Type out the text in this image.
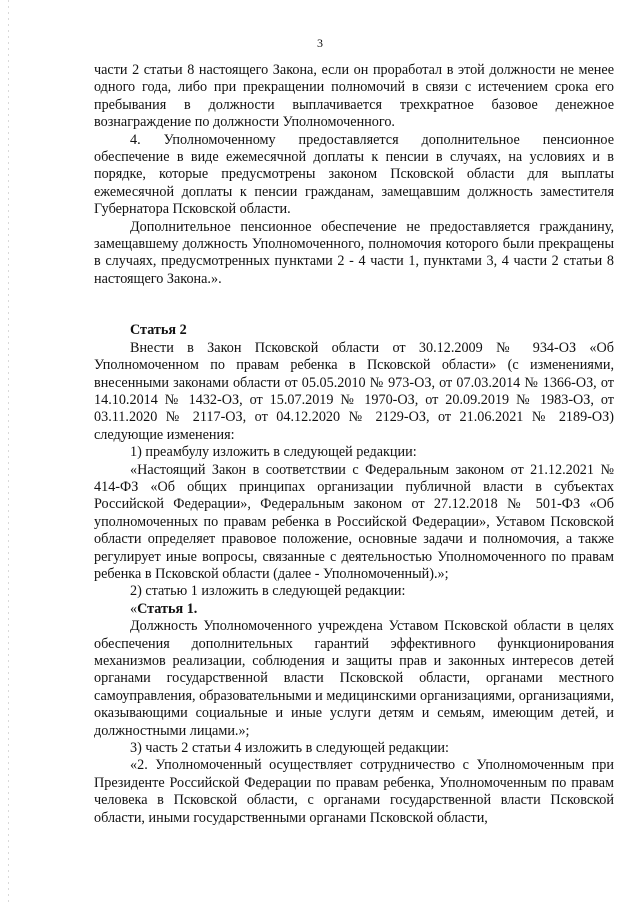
3

части 2 статьи 8 настоящего Закона, если он проработал в этой должности не менее одного года, либо при прекращении полномочий в связи с истечением срока его пребывания в должности выплачивается трехкратное базовое денежное вознаграждение по должности Уполномоченного.

4. Уполномоченному предоставляется дополнительное пенсионное обеспечение в виде ежемесячной доплаты к пенсии в случаях, на условиях и в порядке, которые предусмотрены законом Псковской области для выплаты ежемесячной доплаты к пенсии гражданам, замещавшим должность заместителя Губернатора Псковской области.

Дополнительное пенсионное обеспечение не предоставляется гражданину, замещавшему должность Уполномоченного, полномочия которого были прекращены в случаях, предусмотренных пунктами 2 - 4 части 1, пунктами 3, 4 части 2 статьи 8 настоящего Закона.».

Статья 2

Внести в Закон Псковской области от 30.12.2009 № 934-ОЗ «Об Уполномоченном по правам ребенка в Псковской области» (с изменениями, внесенными законами области от 05.05.2010 № 973-ОЗ, от 07.03.2014 № 1366-ОЗ, от 14.10.2014 № 1432-ОЗ, от 15.07.2019 № 1970-ОЗ, от 20.09.2019 № 1983-ОЗ, от 03.11.2020 № 2117-ОЗ, от 04.12.2020 № 2129-ОЗ, от 21.06.2021 № 2189-ОЗ) следующие изменения:

1) преамбулу изложить в следующей редакции:

«Настоящий Закон в соответствии с Федеральным законом от 21.12.2021 № 414-ФЗ «Об общих принципах организации публичной власти в субъектах Российской Федерации», Федеральным законом от 27.12.2018 № 501-ФЗ «Об уполномоченных по правам ребенка в Российской Федерации», Уставом Псковской области определяет правовое положение, основные задачи и полномочия, а также регулирует иные вопросы, связанные с деятельностью Уполномоченного по правам ребенка в Псковской области (далее - Уполномоченный).»;

2) статью 1 изложить в следующей редакции:

«Статья 1.

Должность Уполномоченного учреждена Уставом Псковской области в целях обеспечения дополнительных гарантий эффективного функционирования механизмов реализации, соблюдения и защиты прав и законных интересов детей органами государственной власти Псковской области, органами местного самоуправления, образовательными и медицинскими организациями, организациями, оказывающими социальные и иные услуги детям и семьям, имеющим детей, и должностными лицами.»;

3) часть 2 статьи 4 изложить в следующей редакции:

«2. Уполномоченный осуществляет сотрудничество с Уполномоченным при Президенте Российской Федерации по правам ребенка, Уполномоченным по правам человека в Псковской области, с органами государственной власти Псковской области, иными государственными органами Псковской области,
